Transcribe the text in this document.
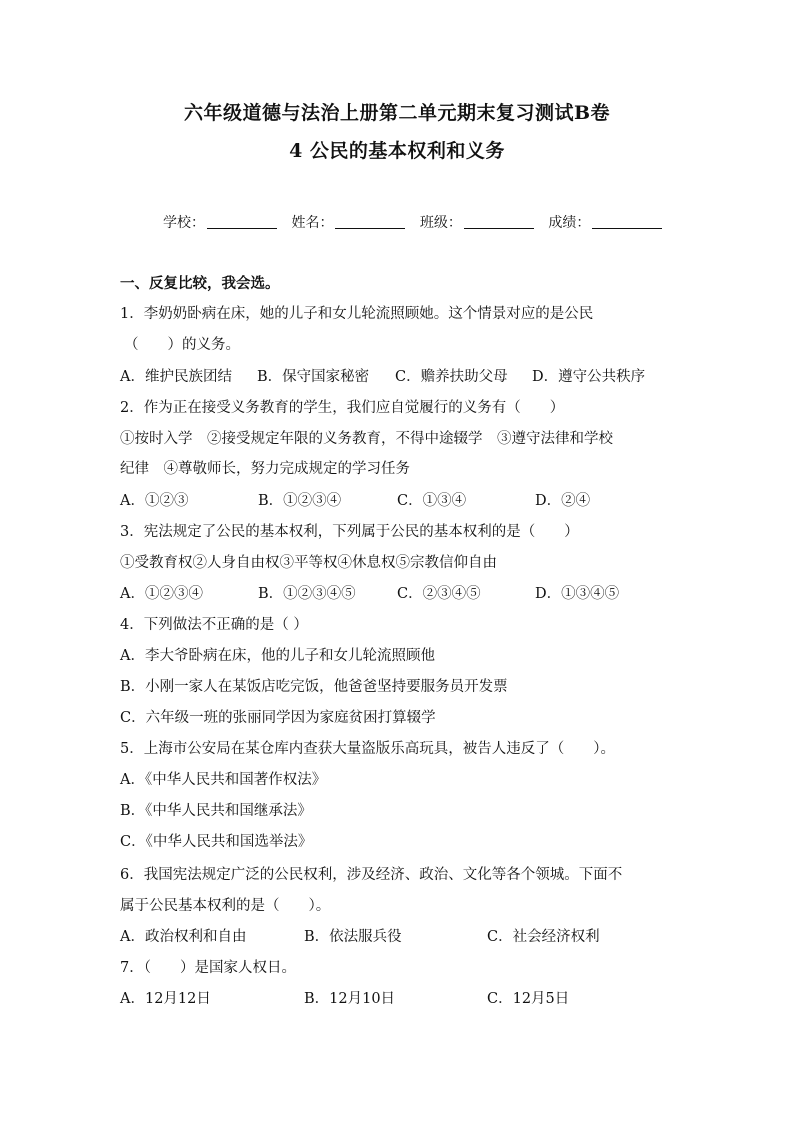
六年级道德与法治上册第二单元期末复习测试B卷
4 公民的基本权利和义务
学校：	姓名：	班级：	成绩：
一、反复比较，我会选。
1．李奶奶卧病在床，她的儿子和女儿轮流照顾她。这个情景对应的是公民
（　　）的义务。
A．维护民族团结 B．保守国家秘密 C．赡养扶助父母 D．遵守公共秩序
2．作为正在接受义务教育的学生，我们应自觉履行的义务有（　　）
①按时入学　②接受规定年限的义务教育，不得中途辍学　③遵守法律和学校
纪律　④尊敬师长，努力完成规定的学习任务
A．①②③	B．①②③④	C．①③④	D．②④
3．宪法规定了公民的基本权利，下列属于公民的基本权利的是（　　）
①受教育权②人身自由权③平等权④休息权⑤宗教信仰自由
A．①②③④	B．①②③④⑤	C．②③④⑤	D．①③④⑤
4．下列做法不正确的是（ ）
A．李大爷卧病在床，他的儿子和女儿轮流照顾他
B．小刚一家人在某饭店吃完饭，他爸爸坚持要服务员开发票
C．六年级一班的张丽同学因为家庭贫困打算辍学
5．上海市公安局在某仓库内查获大量盗版乐高玩具，被告人违反了（　　）。
A．《中华人民共和国著作权法》
B．《中华人民共和国继承法》
C．《中华人民共和国选举法》
6．我国宪法规定广泛的公民权利，涉及经济、政治、文化等各个领城。下面不
属于公民基本权利的是（　　）。
A．政治权利和自由	B．依法服兵役	C．社会经济权利
7．（　　）是国家人权日。
A．12月12日	B．12月10日	C．12月5日
